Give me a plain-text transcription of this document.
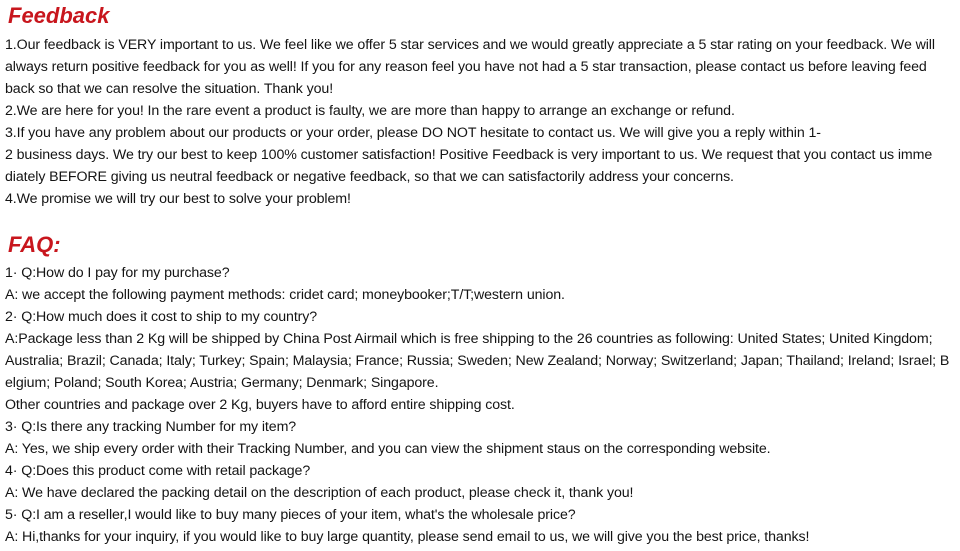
Feedback
1.Our feedback is VERY important to us. We feel like we offer 5 star services and we would greatly appreciate a 5 star rating on your feedback. We will
always return positive feedback for you as well! If you for any reason feel you have not had a 5 star transaction, please contact us before leaving feed
back so that we can resolve the situation. Thank you!
2.We are here for you! In the rare event a product is faulty, we are more than happy to arrange an exchange or refund.
3.If you have any problem about our products or your order, please DO NOT hesitate to contact us. We will give you a reply within 1-
2 business days. We try our best to keep 100% customer satisfaction! Positive Feedback is very important to us. We request that you contact us imme
diately BEFORE giving us neutral feedback or negative feedback, so that we can satisfactorily address your concerns.
4.We promise we will try our best to solve your problem!
FAQ:
1· Q:How do I pay for my purchase?
A: we accept the following payment methods: cridet card; moneybooker;T/T;western union.
2· Q:How much does it cost to ship to my country?
A:Package less than 2 Kg will be shipped by China Post Airmail which is free shipping to the 26 countries as following: United States; United Kingdom;
Australia; Brazil; Canada; Italy; Turkey; Spain; Malaysia; France; Russia; Sweden; New Zealand; Norway; Switzerland; Japan; Thailand; Ireland; Israel; B
elgium; Poland; South Korea; Austria; Germany; Denmark; Singapore.
Other countries and package over 2 Kg, buyers have to afford entire shipping cost.
3· Q:Is there any tracking Number for my item?
A: Yes, we ship every order with their Tracking Number, and you can view the shipment staus on the corresponding website.
4· Q:Does this product come with retail package?
A: We have declared the packing detail on the description of each product, please check it, thank you!
5· Q:I am a reseller,I would like to buy many pieces of your item, what's the wholesale price?
A: Hi,thanks for your inquiry, if you would like to buy large quantity, please send email to us, we will give you the best price, thanks!
